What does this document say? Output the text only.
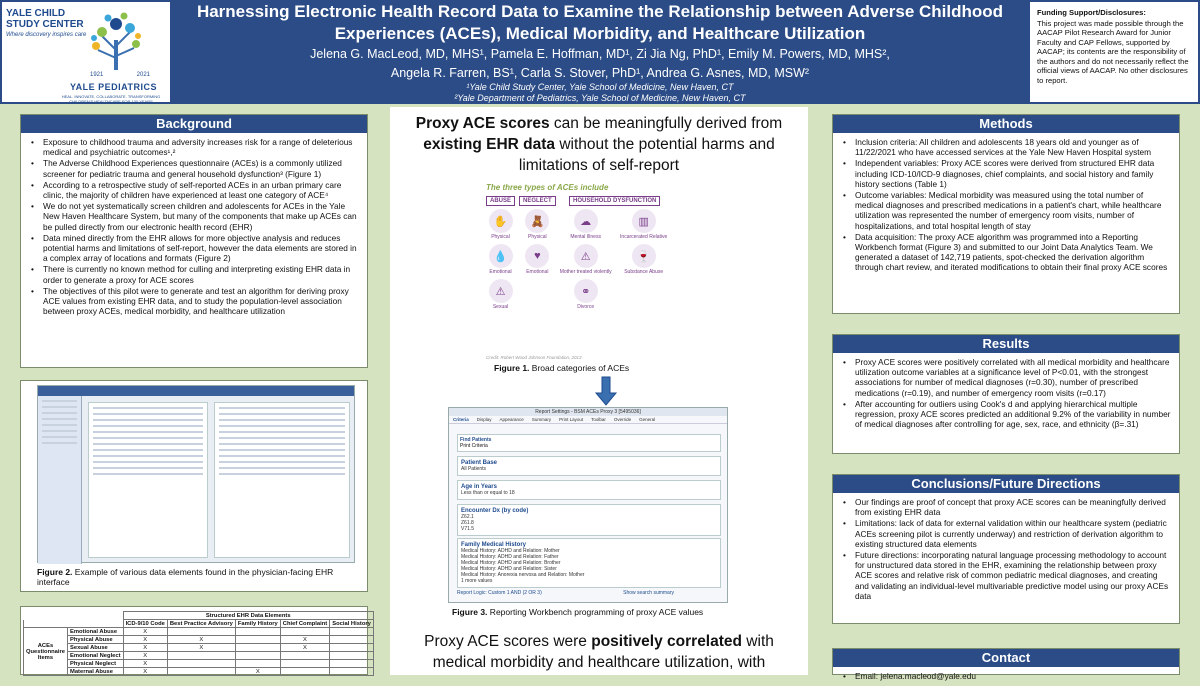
YALE CHILD
STUDY CENTER
Where discovery inspires care
1921	2021
YALE PEDIATRICS
HEAL. INNOVATE. COLLABORATE. TRANSFORMING CHILDREN'S HEALTHCARE FOR 100 YEARS
Harnessing Electronic Health Record Data to Examine the Relationship between Adverse Childhood Experiences (ACEs), Medical Morbidity, and Healthcare Utilization
Jelena G. MacLeod, MD, MHS¹, Pamela E. Hoffman, MD¹, Zi Jia Ng, PhD¹, Emily M. Powers, MD, MHS²,
Angela R. Farren, BS¹, Carla S. Stover, PhD¹, Andrea G. Asnes, MD, MSW²
¹Yale Child Study Center, Yale School of Medicine, New Haven, CT
²Yale Department of Pediatrics, Yale School of Medicine, New Haven, CT
Funding Support/Disclosures:
This project was made possible through the AACAP Pilot Research Award for Junior Faculty and CAP Fellows, supported by AACAP; its contents are the responsibility of the authors and do not necessarily reflect the official views of AACAP. No other disclosures to report.
Background
• Exposure to childhood trauma and adversity increases risk for a range of deleterious medical and psychiatric outcomes¹,²
• The Adverse Childhood Experiences questionnaire (ACEs) is a commonly utilized screener for pediatric trauma and general household dysfunction³ (Figure 1)
• According to a retrospective study of self-reported ACEs in an urban primary care clinic, the majority of children have experienced at least one category of ACE⁴
• We do not yet systematically screen children and adolescents for ACEs in the Yale New Haven Healthcare System, but many of the components that make up ACEs can be pulled directly from our electronic health record (EHR)
• Data mined directly from the EHR allows for more objective analysis and reduces potential harms and limitations of self-report, however the data elements are stored in a complex array of locations and formats (Figure 2)
• There is currently no known method for culling and interpreting existing EHR data in order to generate a proxy for ACE scores
• The objectives of this pilot were to generate and test an algorithm for deriving proxy ACE values from existing EHR data, and to study the population-level association between proxy ACEs, medical morbidity, and healthcare utilization
Figure 2. Example of various data elements found in the physician-facing EHR interface
		Structured EHR Data Elements				
		ICD-9/10 Code	Best Practice Advisory	Family History	Chief Complaint	Social History
ACEs Questionnaire Items	Emotional Abuse	X				
	Physical Abuse	X	X		X	
	Sexual Abuse	X	X		X	
	Emotional Neglect	X				
	Physical Neglect	X				
	Maternal Abuse	X		X		
Proxy ACE scores can be meaningfully derived from existing EHR data without the potential harms and limitations of self-report
The three types of ACEs include
ABUSE
✋
Physical
💧
Emotional
⚠
Sexual
NEGLECT
🧸
Physical
♥
Emotional
HOUSEHOLD DYSFUNCTION
☁
Mental Illness
▥
Incarcerated Relative
⚠
Mother treated violently
🍷
Substance Abuse
⚭
Divorce
Credit: Robert Wood Johnson Foundation, 2013
Figure 1. Broad categories of ACEs
Report Settings - BSM ACEs Proxy 3 [5495036]
Criteria Display Appearance Summary Print Layout Toolbar Override General
Find Patients
Print Criteria
Patient Base
All Patients
Age in Years
Less than or equal to 18
Encounter Dx (by code)
Z62.1
Z61.8
V71.5
Family Medical History
Medical History: ADHD and Relation: Mother
Medical History: ADHD and Relation: Father
Medical History: ADHD and Relation: Brother
Medical History: ADHD and Relation: Sister
Medical History: Anorexia nervosa and Relation: Mother
1 more values
Report Logic: Custom 1 AND (2 OR 3)	Show search summary
Figure 3. Reporting Workbench programming of proxy ACE values
Proxy ACE scores were positively correlated with medical morbidity and healthcare utilization, with
Methods
• Inclusion criteria: All children and adolescents 18 years old and younger as of 11/22/2021 who have accessed services at the Yale New Haven Hospital system
• Independent variables: Proxy ACE scores were derived from structured EHR data including ICD-10/ICD-9 diagnoses, chief complaints, and social history and family history sections (Table 1)
• Outcome variables: Medical morbidity was measured using the total number of medical diagnoses and prescribed medications in a patient's chart, while healthcare utilization was represented the number of emergency room visits, number of hospitalizations, and total hospital length of stay
• Data acquisition: The proxy ACE algorithm was programmed into a Reporting Workbench format (Figure 3) and submitted to our Joint Data Analytics Team. We generated a dataset of 142,719 patients, spot-checked the derivation algorithm through chart review, and iterated modifications to obtain their final proxy ACE scores
Results
• Proxy ACE scores were positively correlated with all medical morbidity and healthcare utilization outcome variables at a significance level of P<0.01, with the strongest associations for number of medical diagnoses (r=0.30), number of prescribed medications (r=0.19), and number of emergency room visits (r=0.17)
• After accounting for outliers using Cook's d and applying hierarchical multiple regression, proxy ACE scores predicted an additional 9.2% of the variability in number of medical diagnoses after controlling for age, sex, race, and ethnicity (β=.31)
Conclusions/Future Directions
• Our findings are proof of concept that proxy ACE scores can be meaningfully derived from existing EHR data
• Limitations: lack of data for external validation within our healthcare system (pediatric ACEs screening pilot is currently underway) and restriction of derivation algorithm to existing structured data elements
• Future directions: incorporating natural language processing methodology to account for unstructured data stored in the EHR, examining the relationship between proxy ACE scores and relative risk of common pediatric medical diagnoses, and creating and validating an individual-level multivariable predictive model using our proxy ACEs data
Contact
• Email: jelena.macleod@yale.edu
